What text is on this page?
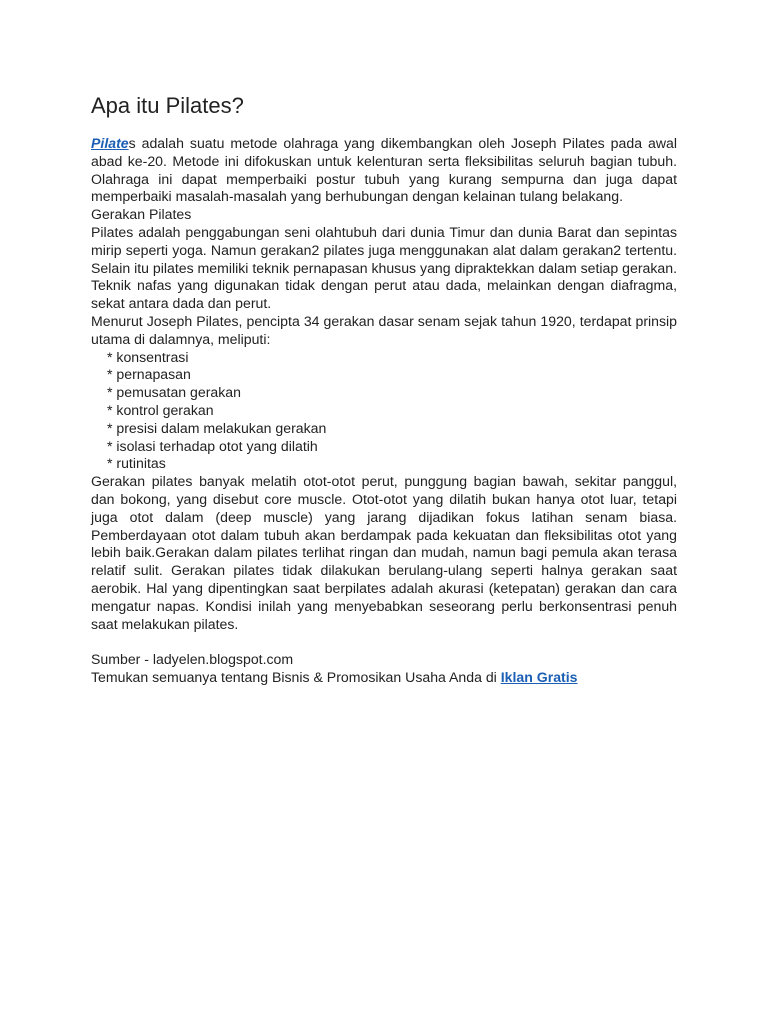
Apa itu Pilates?

Pilates adalah suatu metode olahraga yang dikembangkan oleh Joseph Pilates pada awal abad ke-20. Metode ini difokuskan untuk kelenturan serta fleksibilitas seluruh bagian tubuh. Olahraga ini dapat memperbaiki postur tubuh yang kurang sempurna dan juga dapat memperbaiki masalah-masalah yang berhubungan dengan kelainan tulang belakang.

Gerakan Pilates

Pilates adalah penggabungan seni olahtubuh dari dunia Timur dan dunia Barat dan sepintas mirip seperti yoga. Namun gerakan2 pilates juga menggunakan alat dalam gerakan2 tertentu. Selain itu pilates memiliki teknik pernapasan khusus yang dipraktekkan dalam setiap gerakan. Teknik nafas yang digunakan tidak dengan perut atau dada, melainkan dengan diafragma, sekat antara dada dan perut.

Menurut Joseph Pilates, pencipta 34 gerakan dasar senam sejak tahun 1920, terdapat prinsip utama di dalamnya, meliputi:

* konsentrasi
* pernapasan
* pemusatan gerakan
* kontrol gerakan
* presisi dalam melakukan gerakan
* isolasi terhadap otot yang dilatih
* rutinitas

Gerakan pilates banyak melatih otot-otot perut, punggung bagian bawah, sekitar panggul, dan bokong, yang disebut core muscle. Otot-otot yang dilatih bukan hanya otot luar, tetapi juga otot dalam (deep muscle) yang jarang dijadikan fokus latihan senam biasa. Pemberdayaan otot dalam tubuh akan berdampak pada kekuatan dan fleksibilitas otot yang lebih baik.Gerakan dalam pilates terlihat ringan dan mudah, namun bagi pemula akan terasa relatif sulit. Gerakan pilates tidak dilakukan berulang-ulang seperti halnya gerakan saat aerobik. Hal yang dipentingkan saat berpilates adalah akurasi (ketepatan) gerakan dan cara mengatur napas. Kondisi inilah yang menyebabkan seseorang perlu berkonsentrasi penuh saat melakukan pilates.

Sumber - ladyelen.blogspot.com

Temukan semuanya tentang Bisnis & Promosikan Usaha Anda di Iklan Gratis
